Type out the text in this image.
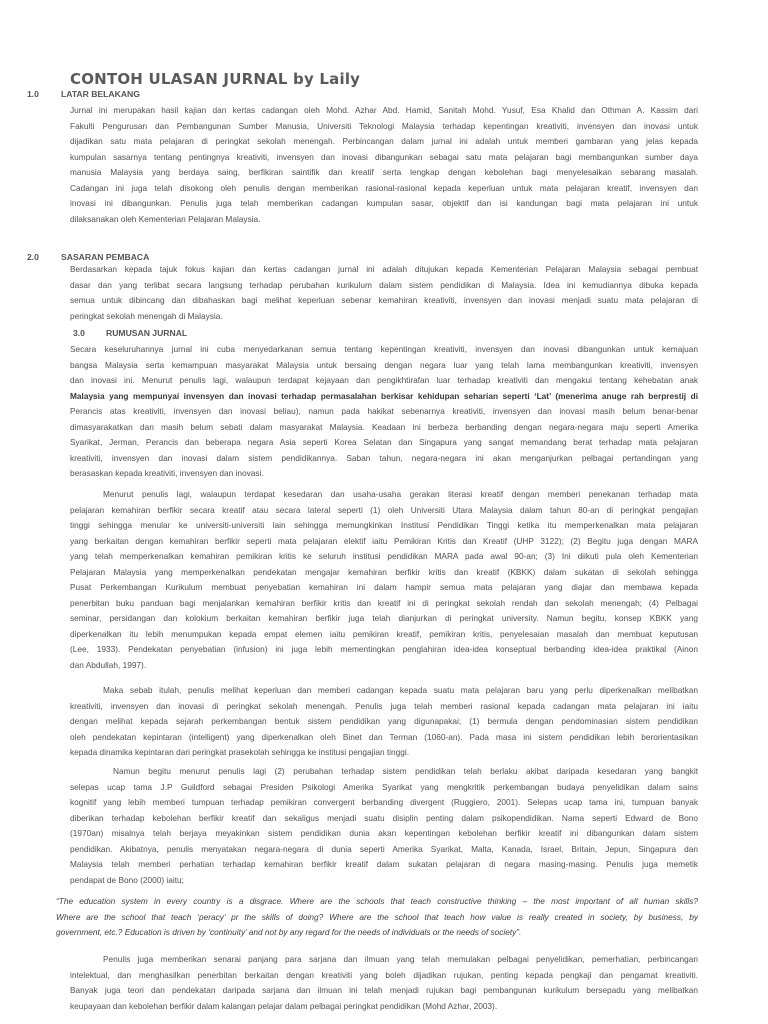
CONTOH ULASAN JURNAL by Laily
1.0	LATAR BELAKANG
Jurnal ini merupakan hasil kajian dan kertas cadangan oleh Mohd. Azhar Abd. Hamid, Sanitah Mohd. Yusuf, Esa Khalid dan Othman A. Kassim dari
Fakulti Pengurusan dan Pembangunan Sumber Manusia, Universiti Teknologi Malaysia terhadap kepentingan kreativiti, invensyen dan inovasi untuk
dijadikan satu mata pelajaran di peringkat sekolah menengah. Perbincangan dalam jurnal ini adalah untuk memberi gambaran yang jelas kepada
kumpulan sasarnya tentang pentingnya kreativiti, invensyen dan inovasi dibangunkan sebagai satu mata pelajaran bagi membangunkan sumber daya
manusia Malaysia yang berdaya saing, berfikiran saintifik dan kreatif serta lengkap dengan kebolehan bagi menyelesaikan sebarang masalah.
Cadangan ini juga telah disokong oleh penulis dengan memberikan rasional-rasional kepada keperluan untuk mata pelajaran kreatif, invensyen dan
inovasi ini dibangunkan. Penulis juga telah memberikan cadangan kumpulan sasar, objektif dan isi kandungan bagi mata pelajaran ini untuk
dilaksanakan oleh Kementerian Pelajaran Malaysia.
2.0	SASARAN PEMBACA
Berdasarkan kepada tajuk fokus kajian dan kertas cadangan jurnal ini adalah ditujukan kepada Kementerian Pelajaran Malaysia sebagai pembuat
dasar dan yang terlibat secara langsung terhadap perubahan kurikulum dalam sistem pendidikan di Malaysia. Idea ini kemudiannya dibuka kepada
semua untuk dibincang dan dibahaskan bagi melihat keperluan sebenar kemahiran kreativiti, invensyen dan inovasi menjadi suatu mata pelajaran di
peringkat sekolah menengah di Malaysia.
3.0 RUMUSAN JURNAL
Secara keseluruhannya jurnal ini cuba menyedarkanan semua tentang kepentingan kreativiti, invensyen dan inovasi dibangunkan untuk kemajuan
bangsa Malaysia serta kemampuan masyarakat Malaysia untuk bersaing dengan negara luar yang telah lama membangunkan kreativiti, invensyen
dan inovasi ini. Menurut penulis lagi, walaupun terdapat kejayaan dan pengikhtirafan luar terhadap kreativiti dan mengakui tentang kehebatan anak
Malaysia yang mempunyai invensyen dan inovasi terhadap permasalahan berkisar kehidupan seharian seperti ‘Lat’ (menerima anuge rah berprestij di
Perancis atas kreativiti, invensyen dan inovasi beliau), namun pada hakikat sebenarnya kreativiti, invensyen dan inovasi masih belum benar-benar
dimasyarakatkan dan masih belum sebati dalam masyarakat Malaysia. Keadaan ini berbeza berbanding dengan negara-negara maju seperti Amerika
Syarikat, Jerman, Perancis dan beberapa negara Asia seperti Korea Selatan dan Singapura yang sangat memandang berat terhadap mata pelajaran
kreativiti, invensyen dan inovasi dalam sistem pendidikannya. Saban tahun, negara-negara ini akan menganjurkan pelbagai pertandingan yang
berasaskan kepada kreativiti, invensyen dan inovasi.
Menurut penulis lagi, walaupun terdapat kesedaran dan usaha-usaha gerakan literasi kreatif dengan memberi penekanan terhadap mata
pelajaran kemahiran berfikir secara kreatif atau secara lateral seperti (1) oleh Universiti Utara Malaysia dalam tahun 80-an di peringkat pengajian
tinggi sehingga menular ke universiti-universiti lain sehingga memungkinkan Institusi Pendidikan Tinggi ketika itu memperkenalkan mata pelajaran
yang berkaitan dengan kemahiran berfikir seperti mata pelajaran elektif iaitu Pemikiran Kritis dan Kreatif (UHP 3122); (2) Begitu juga dengan MARA
yang telah memperkenalkan kemahiran pemikiran kritis ke seluruh institusi pendidikan MARA pada awal 90-an; (3) Ini diikuti pula oleh Kementerian
Pelajaran Malaysia yang memperkenalkan pendekatan mengajar kemahiran berfikir kritis dan kreatif (KBKK) dalam sukatan di sekolah sehingga
Pusat Perkembangan Kurikulum membuat penyebatian kemahiran ini dalam hampir semua mata pelajaran yang diajar dan membawa kepada
penerbitan buku panduan bagi menjalankan kemahiran berfikir kritis dan kreatif ini di peringkat sekolah rendah dan sekolah menengah; (4) Pelbagai
seminar, persidangan dan kolokium berkaitan kemahiran berfikir juga telah dianjurkan di peringkat university. Namun begitu, konsep KBKK yang
diperkenalkan itu lebih menumpukan kepada empat elemen iaitu pemikiran kreatif, pemikiran kritis, penyelesaian masalah dan membuat keputusan
(Lee, 1933). Pendekatan penyebatian (infusion) ini juga lebih mementingkan penglahiran idea-idea konseptual berbanding idea-idea praktikal (Ainon
dan Abdullah, 1997).
Maka sebab itulah, penulis melihat keperluan dan memberi cadangan kepada suatu mata pelajaran baru yang perlu diperkenalkan melibatkan
kreativiti, invensyen dan inovasi di peringkat sekolah menengah. Penulis juga telah memberi rasional kepada cadangan mata pelajaran ini iaitu
dengan melihat kepada sejarah perkembangan bentuk sistem pendidikan yang digunapakai; (1) bermula dengan pendominasian sistem pendidikan
oleh pendekatan kepintaran (intelligent) yang diperkenalkan oleh Binet dan Terman (1060-an). Pada masa ini sistem pendidikan lebih berorientasikan
kepada dinamika kepintaran dari peringkat prasekolah sehingga ke institusi pengajian tinggi.
Namun begitu menurut penulis lagi (2) perubahan terhadap sistem pendidikan telah berlaku akibat daripada kesedaran yang bangkit
selepas ucap tama J.P Guildford sebagai Presiden Psikologi Amerika Syarikat yang mengkritik perkembangan budaya penyelidikan dalam sains
kognitif yang lebih memberi tumpuan terhadap pemikiran convergent berbanding divergent (Ruggiero, 2001). Selepas ucap tama ini, tumpuan banyak
diberikan terhadap kebolehan berfikir kreatif dan sekaligus menjadi suatu disiplin penting dalam psikopendidikan. Nama seperti Edward de Bono
(1970an) misalnya telah berjaya meyakinkan sistem pendidikan dunia akan kepentingan kebolehan berfikir kreatif ini dibangunkan dalam sistem
pendidikan. Akibatnya, penulis menyatakan negara-negara di dunia seperti Amerika Syarikat, Malta, Kanada, Israel, Britain, Jepun, Singapura dan
Malaysia telah memberi perhatian terhadap kemahiran berfikir kreatif dalam sukatan pelajaran di negara masing-masing. Penulis juga memetik
pendapat de Bono (2000) iaitu;
“The education system in every country is a disgrace. Where are the schools that teach constructive thinking – the most important of all human skills?
Where are the school that teach ‘peracy’ pr the skills of doing? Where are the school that teach how value is really created in society, by business, by
government, etc.? Education is driven by ‘continuity’ and not by any regard for the needs of individuals or the needs of society”.
Penulis juga memberikan senarai panjang para sarjana dan ilmuan yang telah memulakan pelbagai penyelidikan, pemerhatian, perbincangan
intelektual, dan menghasilkan penerbitan berkaitan dengan kreativiti yang boleh dijadikan rujukan, penting kepada pengkaji dan pengamat kreativiti.
Banyak juga teori dan pendekatan daripada sarjana dan ilmuan ini telah menjadi rujukan bagi pembangunan kurikulum bersepadu yang melibatkan
keupayaan dan kebolehan berfikir dalam kalangan pelajar dalam pelbagai peringkat pendidikan (Mohd Azhar, 2003).
